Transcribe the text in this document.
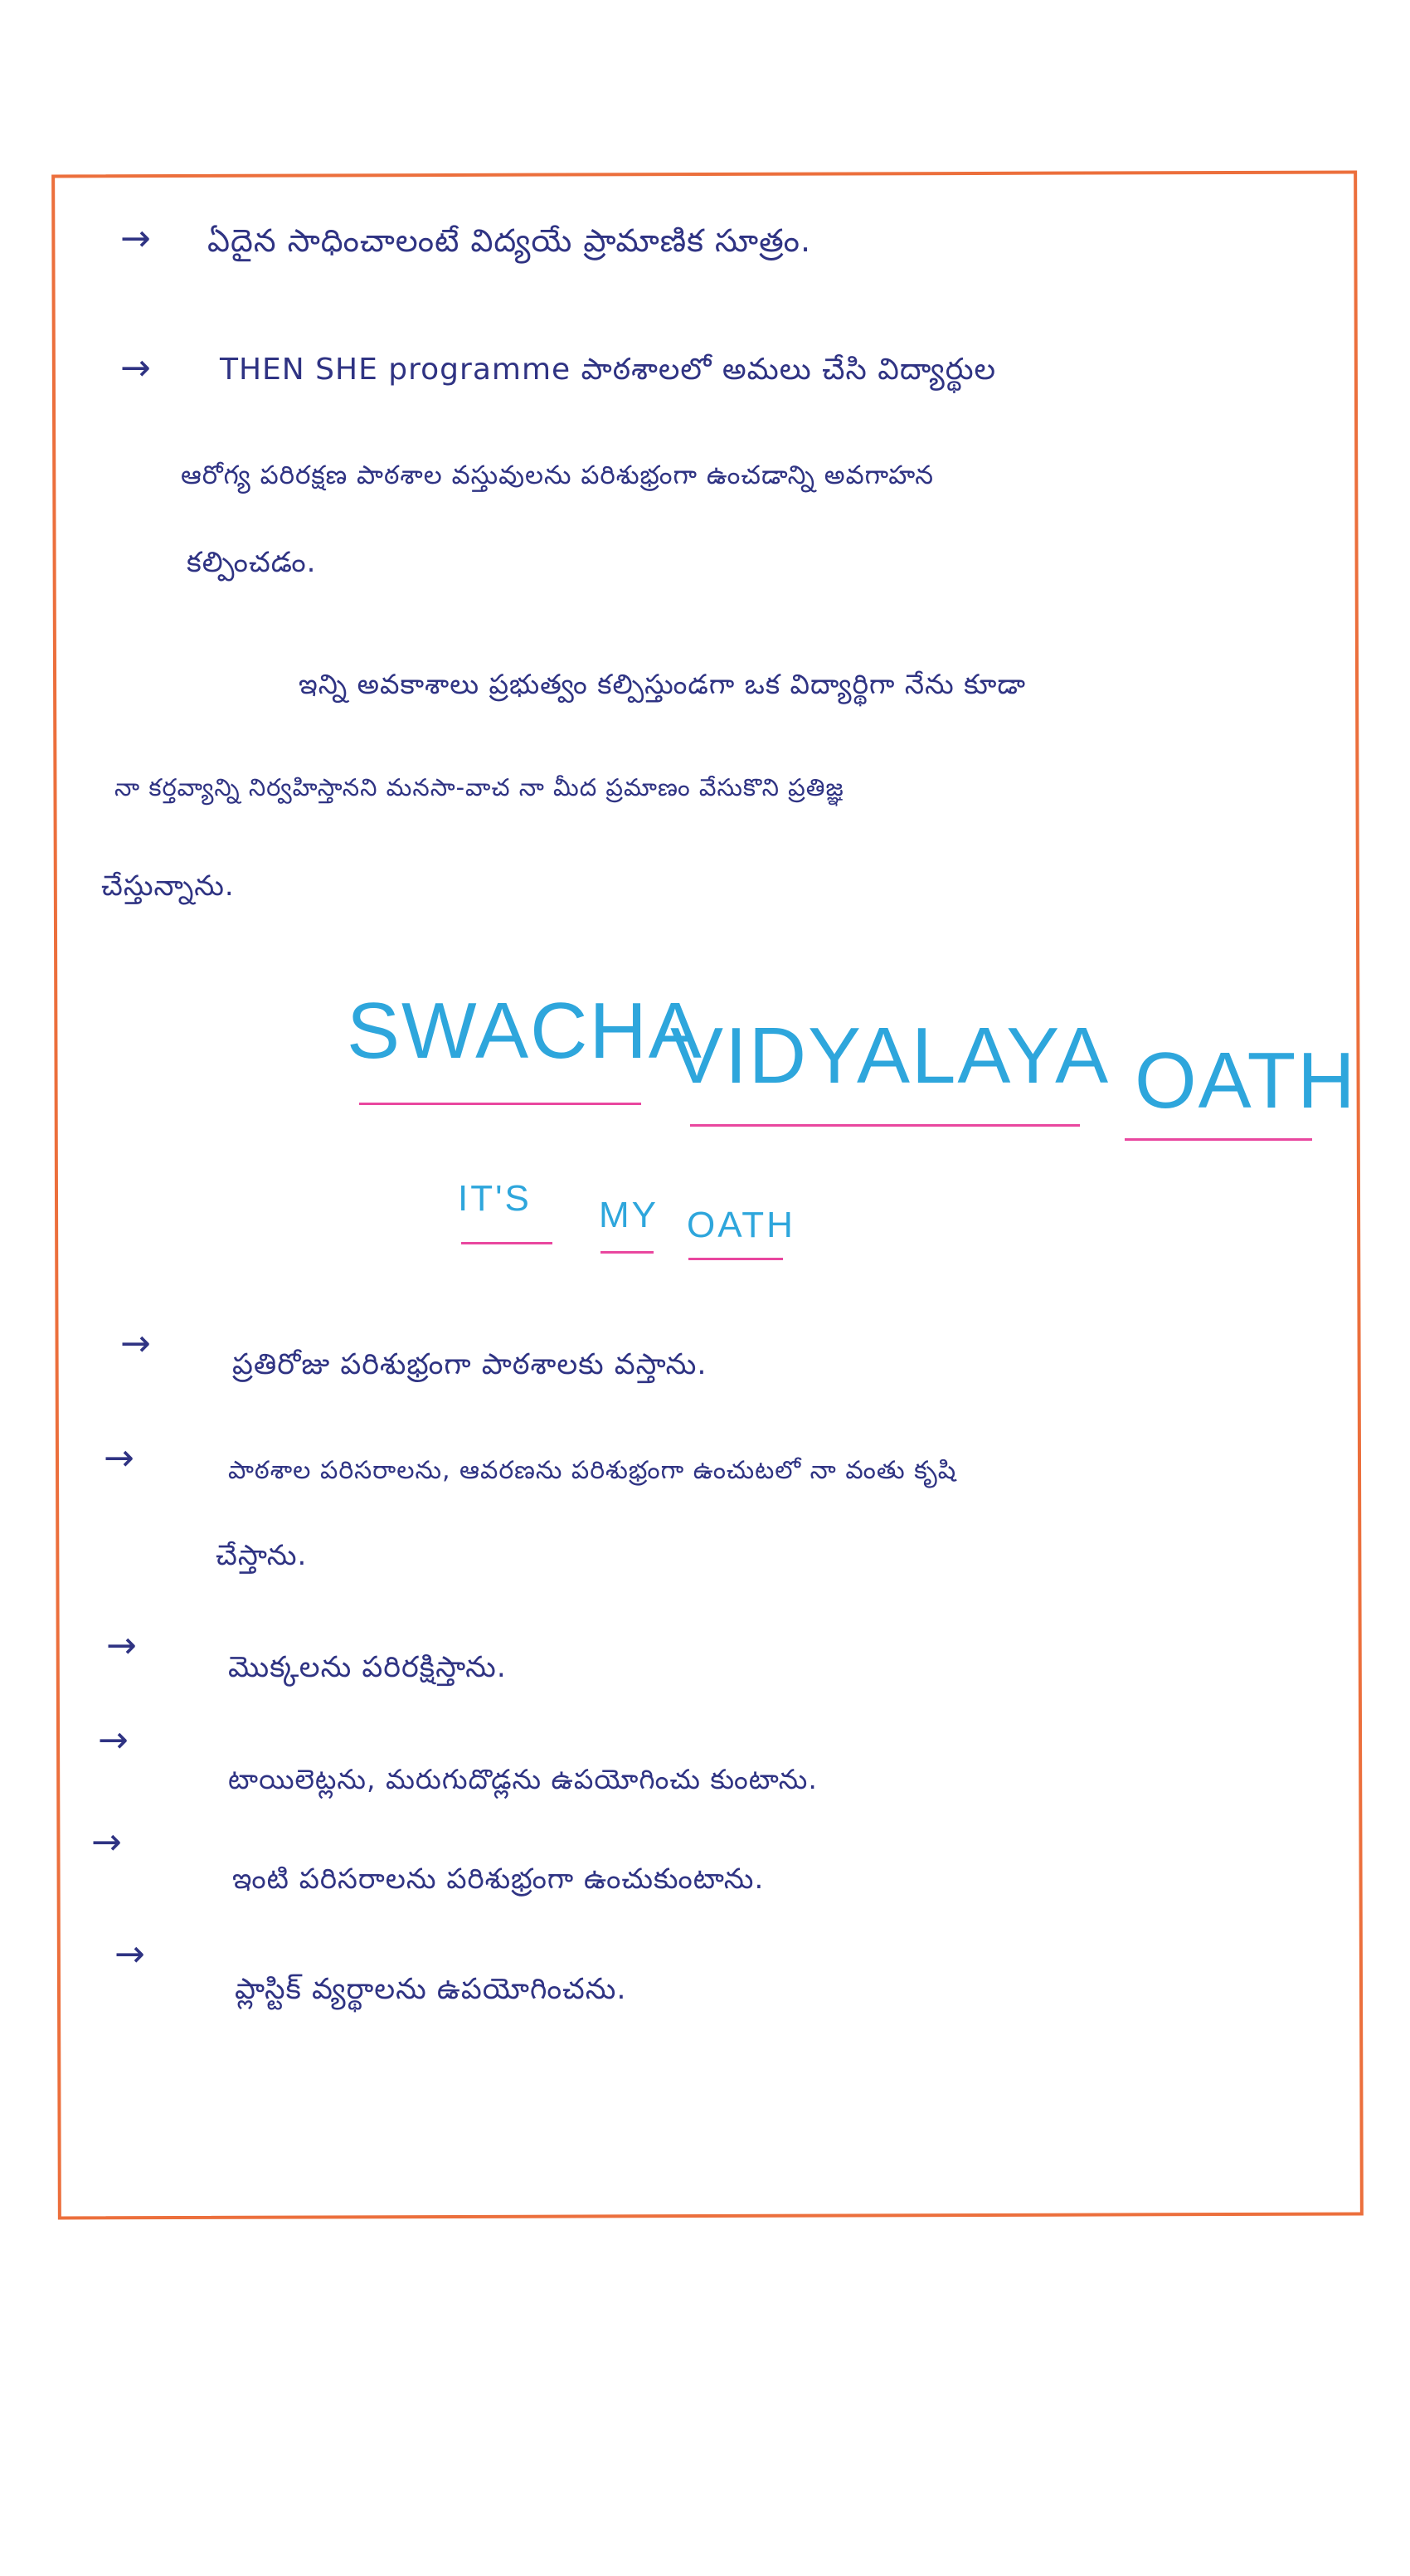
→ ఏదైన సాధించాలంటే విద్యయే ప్రామాణిక సూత్రం.
→ THEN SHE programme పాఠశాలలో అమలు చేసి విద్యార్థుల
ఆరోగ్య పరిరక్షణ పాఠశాల వస్తువులను పరిశుభ్రంగా ఉంచడాన్ని అవగాహన
కల్పించడం.
ఇన్ని అవకాశాలు ప్రభుత్వం కల్పిస్తుండగా ఒక విద్యార్థిగా నేను కూడా
నా కర్తవ్యాన్ని నిర్వహిస్తానని మనసా-వాచ నా మీద ప్రమాణం వేసుకొని ప్రతిజ్ఞ
చేస్తున్నాను.
SWACHA
VIDYALAYA OATH
IT'S MY OATH
→	ప్రతిరోజు పరిశుభ్రంగా పాఠశాలకు వస్తాను.
→	పాఠశాల పరిసరాలను, ఆవరణను పరిశుభ్రంగా ఉంచుటలో నా వంతు కృషి
చేస్తాను.
→
మొక్కలను పరిరక్షిస్తాను.
→
టాయిలెట్లను, మరుగుదొడ్లను ఉపయోగించు కుంటాను.
→
ఇంటి పరిసరాలను పరిశుభ్రంగా ఉంచుకుంటాను.
→
ప్లాస్టిక్ వ్యర్థాలను ఉపయోగించను.
